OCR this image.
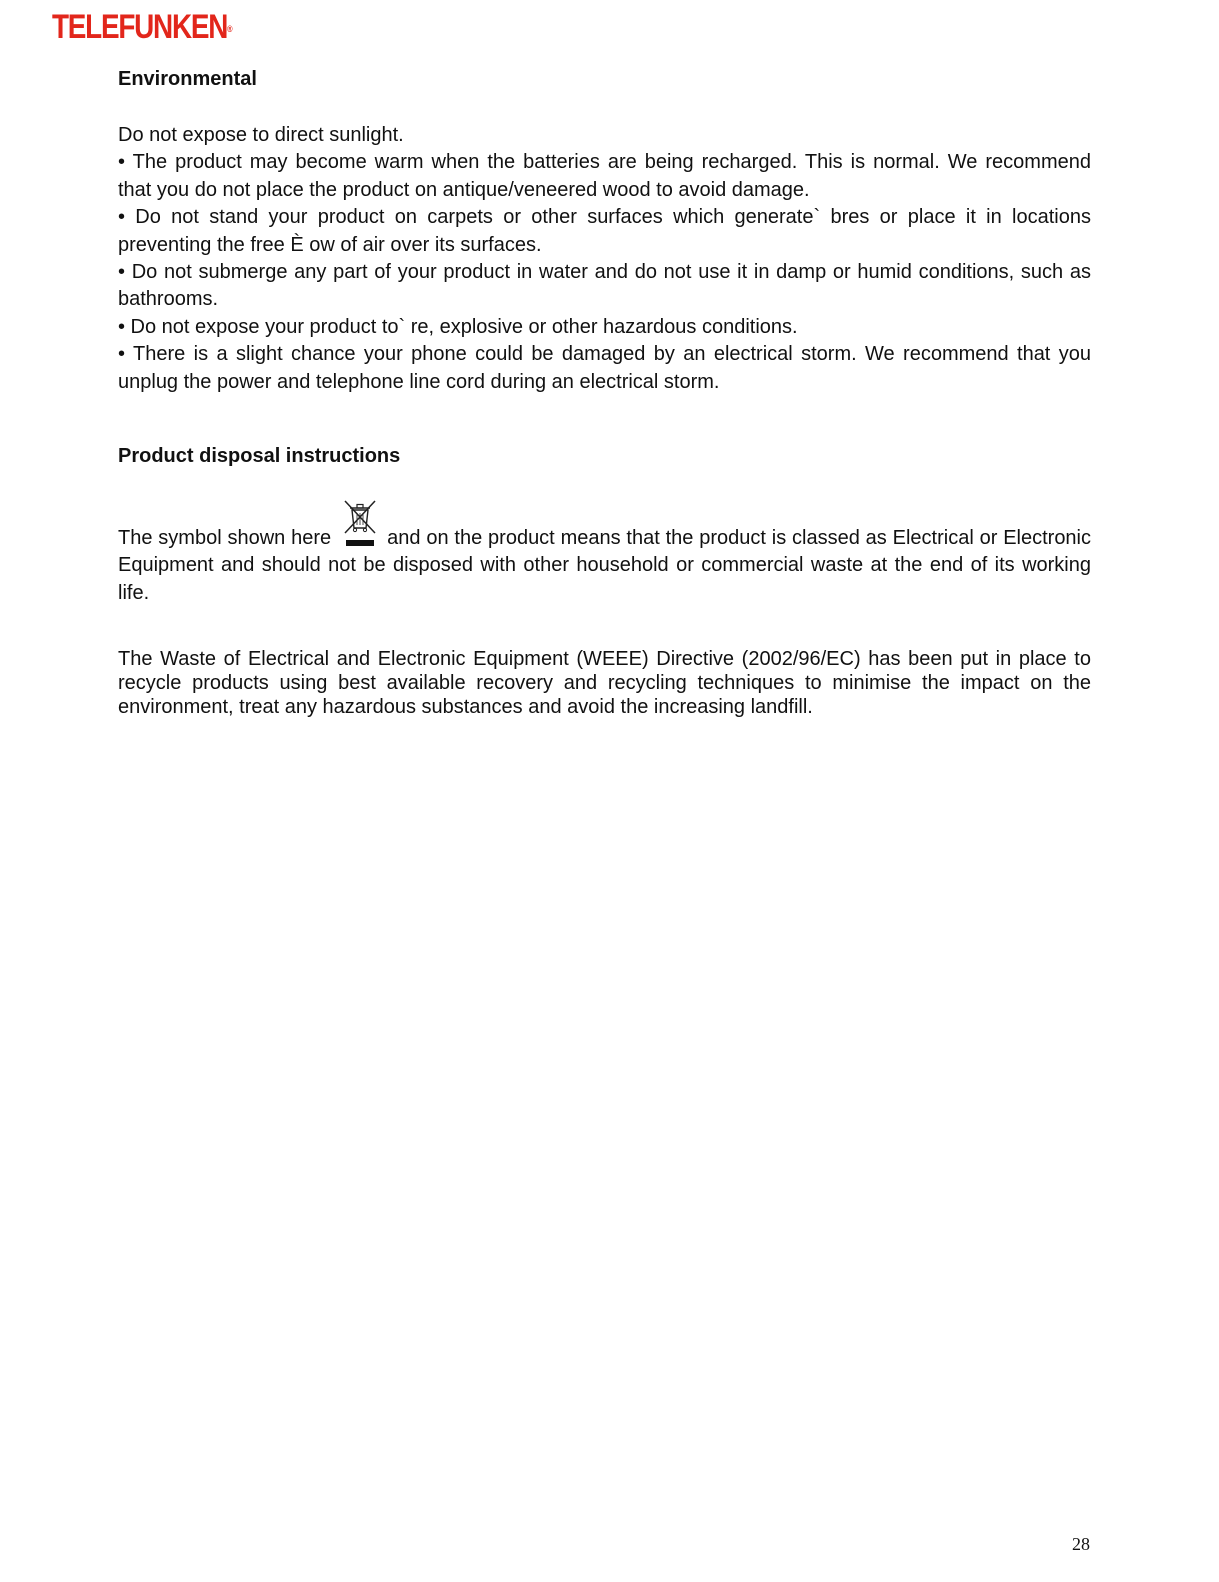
TELEFUNKEN®

Environmental

Do not expose to direct sunlight.

• The product may become warm when the batteries are being recharged. This is normal. We recommend that you do not place the product on antique/veneered wood to avoid damage.

• Do not stand your product on carpets or other surfaces which generate` bres or place it in locations preventing the free È ow of air over its surfaces.

• Do not submerge any part of your product in water and do not use it in damp or humid conditions, such as bathrooms.

• Do not expose your product to` re, explosive or other hazardous conditions.

• There is a slight chance your phone could be damaged by an electrical storm. We recommend that you unplug the power and telephone line cord during an electrical storm.

Product disposal instructions

The symbol shown here	and on the product means that the product is classed as Electrical or Electronic Equipment and should not be disposed with other household or commercial waste at the end of its working life.

The Waste of Electrical and Electronic Equipment (WEEE) Directive (2002/96/EC) has been put in place to recycle products using best available recovery and recycling techniques to minimise the impact on the environment, treat any hazardous substances and avoid the increasing landfill.

28
